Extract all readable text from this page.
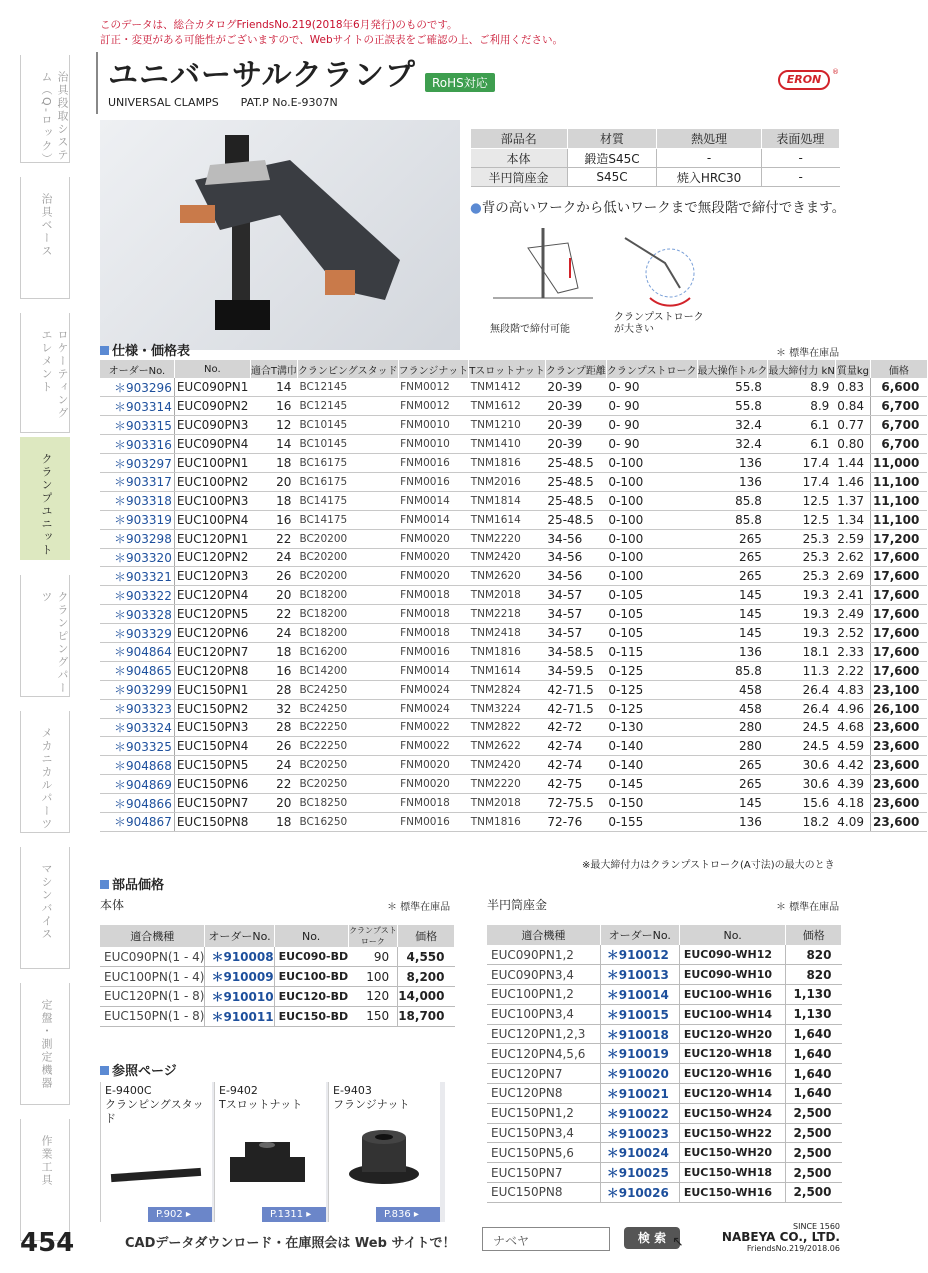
このデータは、総合カタログFriendsNo.219(2018年6月発行)のものです。
訂正・変更がある可能性がございますので、Webサイトの正誤表をご確認の上、ご利用ください。
ユニバーサルクランプ	RoHS対応
UNIVERSAL CLAMPS　　PAT.P No.E-9307N
ERON
®
治具段取システム（Q-ロック）
治具ベース
ロケーティングエレメント
クランプユニット
クランピングパーツ
メカニカルパーツ
マシンバイス
定盤・測定機器
作業工具
部品名	材質	熱処理	表面処理
本体	鍛造S45C	-	-
半円筒座金	S45C	焼入HRC30	-
●背の高いワークから低いワークまで無段階で締付できます。
無段階で締付可能
クランプストローク
が大きい
仕様・価格表	＊ 標準在庫品
オーダーNo.	No.	適合T溝巾	クランピングスタッド	フランジナット	Tスロットナット	クランプ距離	クランプストローク	最大操作トルク	最大締付力 kN	質量kg	価格
＊903296	EUC090PN1	14	BC12145	FNM0012	TNM1412	20-39	0- 90	55.8	8.9	0.83	6,600
＊903314	EUC090PN2	16	BC12145	FNM0012	TNM1612	20-39	0- 90	55.8	8.9	0.84	6,700
＊903315	EUC090PN3	12	BC10145	FNM0010	TNM1210	20-39	0- 90	32.4	6.1	0.77	6,700
＊903316	EUC090PN4	14	BC10145	FNM0010	TNM1410	20-39	0- 90	32.4	6.1	0.80	6,700
＊903297	EUC100PN1	18	BC16175	FNM0016	TNM1816	25-48.5	0-100	136	17.4	1.44	11,000
＊903317	EUC100PN2	20	BC16175	FNM0016	TNM2016	25-48.5	0-100	136	17.4	1.46	11,100
＊903318	EUC100PN3	18	BC14175	FNM0014	TNM1814	25-48.5	0-100	85.8	12.5	1.37	11,100
＊903319	EUC100PN4	16	BC14175	FNM0014	TNM1614	25-48.5	0-100	85.8	12.5	1.34	11,100
＊903298	EUC120PN1	22	BC20200	FNM0020	TNM2220	34-56	0-100	265	25.3	2.59	17,200
＊903320	EUC120PN2	24	BC20200	FNM0020	TNM2420	34-56	0-100	265	25.3	2.62	17,600
＊903321	EUC120PN3	26	BC20200	FNM0020	TNM2620	34-56	0-100	265	25.3	2.69	17,600
＊903322	EUC120PN4	20	BC18200	FNM0018	TNM2018	34-57	0-105	145	19.3	2.41	17,600
＊903328	EUC120PN5	22	BC18200	FNM0018	TNM2218	34-57	0-105	145	19.3	2.49	17,600
＊903329	EUC120PN6	24	BC18200	FNM0018	TNM2418	34-57	0-105	145	19.3	2.52	17,600
＊904864	EUC120PN7	18	BC16200	FNM0016	TNM1816	34-58.5	0-115	136	18.1	2.33	17,600
＊904865	EUC120PN8	16	BC14200	FNM0014	TNM1614	34-59.5	0-125	85.8	11.3	2.22	17,600
＊903299	EUC150PN1	28	BC24250	FNM0024	TNM2824	42-71.5	0-125	458	26.4	4.83	23,100
＊903323	EUC150PN2	32	BC24250	FNM0024	TNM3224	42-71.5	0-125	458	26.4	4.96	26,100
＊903324	EUC150PN3	28	BC22250	FNM0022	TNM2822	42-72	0-130	280	24.5	4.68	23,600
＊903325	EUC150PN4	26	BC22250	FNM0022	TNM2622	42-74	0-140	280	24.5	4.59	23,600
＊904868	EUC150PN5	24	BC20250	FNM0020	TNM2420	42-74	0-140	265	30.6	4.42	23,600
＊904869	EUC150PN6	22	BC20250	FNM0020	TNM2220	42-75	0-145	265	30.6	4.39	23,600
＊904866	EUC150PN7	20	BC18250	FNM0018	TNM2018	72-75.5	0-150	145	15.6	4.18	23,600
＊904867	EUC150PN8	18	BC16250	FNM0016	TNM1816	72-76	0-155	136	18.2	4.09	23,600
※最大締付力はクランプストローク(A寸法)の最大のとき
部品価格
本体	＊ 標準在庫品
適合機種	オーダーNo.	No.	クランプストローク	価格
EUC090PN(1 - 4)	＊910008	EUC090-BD	90	4,550
EUC100PN(1 - 4)	＊910009	EUC100-BD	100	8,200
EUC120PN(1 - 8)	＊910010	EUC120-BD	120	14,000
EUC150PN(1 - 8)	＊910011	EUC150-BD	150	18,700
半円筒座金	＊ 標準在庫品
適合機種	オーダーNo.	No.	価格
EUC090PN1,2	＊910012	EUC090-WH12	820
EUC090PN3,4	＊910013	EUC090-WH10	820
EUC100PN1,2	＊910014	EUC100-WH16	1,130
EUC100PN3,4	＊910015	EUC100-WH14	1,130
EUC120PN1,2,3	＊910018	EUC120-WH20	1,640
EUC120PN4,5,6	＊910019	EUC120-WH18	1,640
EUC120PN7	＊910020	EUC120-WH16	1,640
EUC120PN8	＊910021	EUC120-WH14	1,640
EUC150PN1,2	＊910022	EUC150-WH24	2,500
EUC150PN3,4	＊910023	EUC150-WH22	2,500
EUC150PN5,6	＊910024	EUC150-WH20	2,500
EUC150PN7	＊910025	EUC150-WH18	2,500
EUC150PN8	＊910026	EUC150-WH16	2,500
参照ページ
E-9400C
クランピングスタッド
P.902 ▸
E-9402
Tスロットナット
P.1311 ▸
E-9403
フランジナット
P.836 ▸
454	CADデータダウンロード・在庫照会は Web サイトで！	ナベヤ	検 索 ↖
SINCE 1560
NABEYA CO., LTD.
FriendsNo.219/2018.06
